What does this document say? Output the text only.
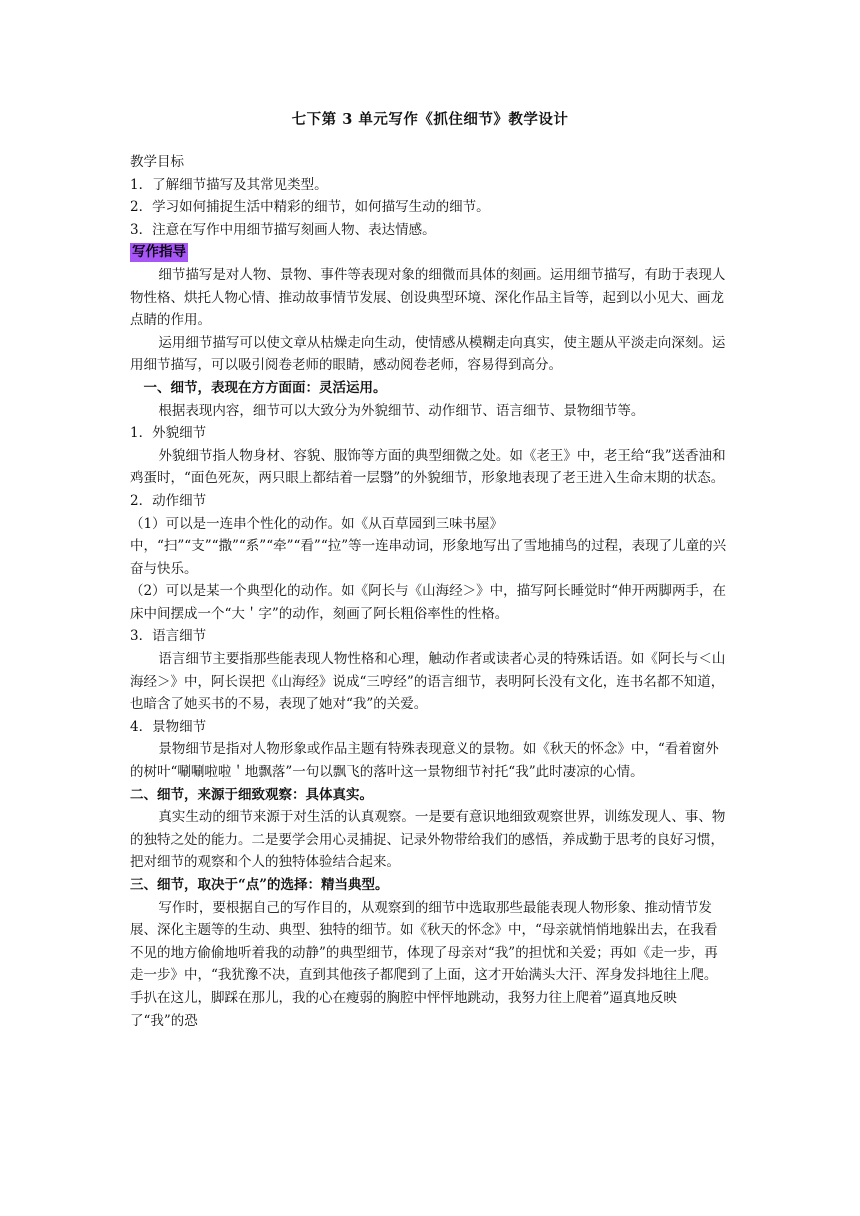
七下第 3 单元写作《抓住细节》教学设计

教学目标

1．了解细节描写及其常见类型。

2．学习如何捕捉生活中精彩的细节，如何描写生动的细节。

3．注意在写作中用细节描写刻画人物、表达情感。

写作指导

细节描写是对人物、景物、事件等表现对象的细微而具体的刻画。运用细节描写，有助于表现人物性格、烘托人物心情、推动故事情节发展、创设典型环境、深化作品主旨等，起到以小见大、画龙点睛的作用。

运用细节描写可以使文章从枯燥走向生动，使情感从模糊走向真实，使主题从平淡走向深刻。运用细节描写，可以吸引阅卷老师的眼睛，感动阅卷老师，容易得到高分。

一、细节，表现在方方面面：灵活运用。

根据表现内容，细节可以大致分为外貌细节、动作细节、语言细节、景物细节等。

1．外貌细节

外貌细节指人物身材、容貌、服饰等方面的典型细微之处。如《老王》中，老王给“我”送香油和鸡蛋时，“面色死灰，两只眼上都结着一层翳”的外貌细节，形象地表现了老王进入生命末期的状态。

2．动作细节

（1）可以是一连串个性化的动作。如《从百草园到三味书屋》中，“扫”“支”“撒”“系”“牵”“看”“拉”等一连串动词，形象地写出了雪地捕鸟的过程，表现了儿童的兴奋与快乐。

（2）可以是某一个典型化的动作。如《阿长与《山海经＞》中，描写阿长睡觉时“伸开两脚两手，在床中间摆成一个“大＇字”的动作，刻画了阿长粗俗率性的性格。

3．语言细节

语言细节主要指那些能表现人物性格和心理，触动作者或读者心灵的特殊话语。如《阿长与＜山海经＞》中，阿长误把《山海经》说成“三哼经”的语言细节，表明阿长没有文化，连书名都不知道，也暗含了她买书的不易，表现了她对“我”的关爱。

4．景物细节

景物细节是指对人物形象或作品主题有特殊表现意义的景物。如《秋天的怀念》中，“看着窗外的树叶“唰唰啦啦＇地飘落”一句以飘飞的落叶这一景物细节衬托“我”此时凄凉的心情。

二、细节，来源于细致观察：具体真实。

真实生动的细节来源于对生活的认真观察。一是要有意识地细致观察世界，训练发现人、事、物的独特之处的能力。二是要学会用心灵捕捉、记录外物带给我们的感悟，养成勤于思考的良好习惯，把对细节的观察和个人的独特体验结合起来。

三、细节，取决于“点”的选择：精当典型。

写作时，要根据自己的写作目的，从观察到的细节中选取那些最能表现人物形象、推动情节发展、深化主题等的生动、典型、独特的细节。如《秋天的怀念》中，“母亲就悄悄地躲出去，在我看不见的地方偷偷地听着我的动静”的典型细节，体现了母亲对“我”的担忧和关爱；再如《走一步，再走一步》中，“我犹豫不决，直到其他孩子都爬到了上面，这才开始满头大汗、浑身发抖地往上爬。手扒在这儿，脚踩在那儿，我的心在瘦弱的胸腔中怦怦地跳动，我努力往上爬着”逼真地反映了“我”的恐
